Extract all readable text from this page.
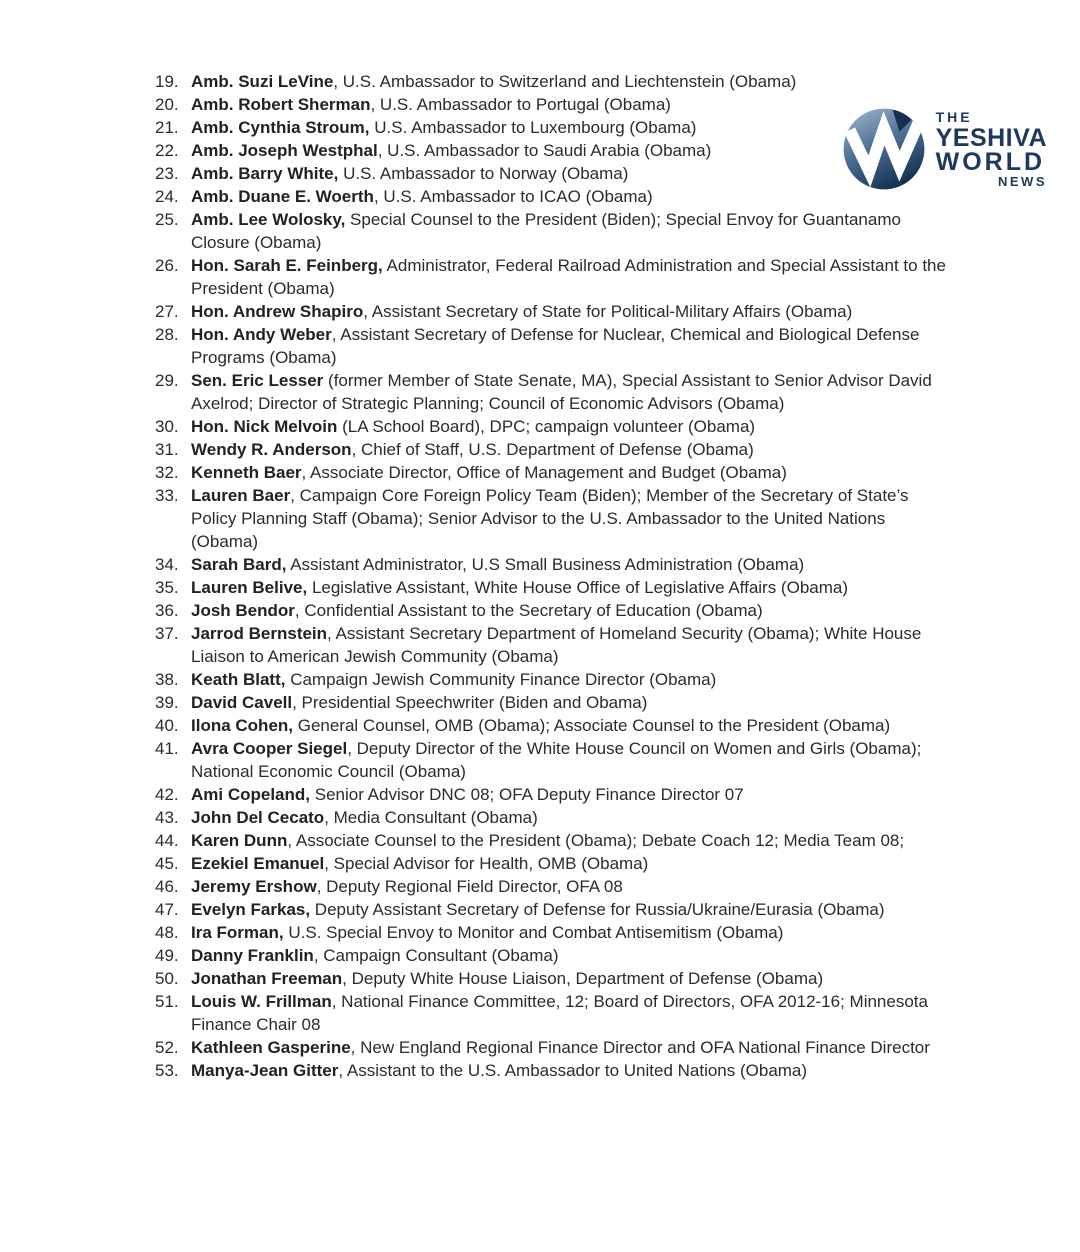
THE
YESHIVA
WORLD
NEWS
19. Amb. Suzi LeVine, U.S. Ambassador to Switzerland and Liechtenstein (Obama)
20. Amb. Robert Sherman, U.S. Ambassador to Portugal (Obama)
21. Amb. Cynthia Stroum, U.S. Ambassador to Luxembourg (Obama)
22. Amb. Joseph Westphal, U.S. Ambassador to Saudi Arabia (Obama)
23. Amb. Barry White, U.S. Ambassador to Norway (Obama)
24. Amb. Duane E. Woerth, U.S. Ambassador to ICAO (Obama)
25. Amb. Lee Wolosky, Special Counsel to the President (Biden); Special Envoy for Guantanamo Closure (Obama)
26. Hon. Sarah E. Feinberg, Administrator, Federal Railroad Administration and Special Assistant to the President (Obama)
27. Hon. Andrew Shapiro, Assistant Secretary of State for Political-Military Affairs (Obama)
28. Hon. Andy Weber, Assistant Secretary of Defense for Nuclear, Chemical and Biological Defense Programs (Obama)
29. Sen. Eric Lesser (former Member of State Senate, MA), Special Assistant to Senior Advisor David Axelrod; Director of Strategic Planning; Council of Economic Advisors (Obama)
30. Hon. Nick Melvoin (LA School Board), DPC; campaign volunteer (Obama)
31. Wendy R. Anderson, Chief of Staff, U.S. Department of Defense (Obama)
32. Kenneth Baer, Associate Director, Office of Management and Budget (Obama)
33. Lauren Baer, Campaign Core Foreign Policy Team (Biden); Member of the Secretary of State’s Policy Planning Staff (Obama); Senior Advisor to the U.S. Ambassador to the United Nations (Obama)
34. Sarah Bard, Assistant Administrator, U.S Small Business Administration (Obama)
35. Lauren Belive, Legislative Assistant, White House Office of Legislative Affairs (Obama)
36. Josh Bendor, Confidential Assistant to the Secretary of Education (Obama)
37. Jarrod Bernstein, Assistant Secretary Department of Homeland Security (Obama); White House Liaison to American Jewish Community (Obama)
38. Keath Blatt, Campaign Jewish Community Finance Director (Obama)
39. David Cavell, Presidential Speechwriter (Biden and Obama)
40. Ilona Cohen, General Counsel, OMB (Obama); Associate Counsel to the President (Obama)
41. Avra Cooper Siegel, Deputy Director of the White House Council on Women and Girls (Obama); National Economic Council (Obama)
42. Ami Copeland, Senior Advisor DNC 08; OFA Deputy Finance Director 07
43. John Del Cecato, Media Consultant (Obama)
44. Karen Dunn, Associate Counsel to the President (Obama); Debate Coach 12; Media Team 08;
45. Ezekiel Emanuel, Special Advisor for Health, OMB (Obama)
46. Jeremy Ershow, Deputy Regional Field Director, OFA 08
47. Evelyn Farkas, Deputy Assistant Secretary of Defense for Russia/Ukraine/Eurasia (Obama)
48. Ira Forman, U.S. Special Envoy to Monitor and Combat Antisemitism (Obama)
49. Danny Franklin, Campaign Consultant (Obama)
50. Jonathan Freeman, Deputy White House Liaison, Department of Defense (Obama)
51. Louis W. Frillman, National Finance Committee, 12; Board of Directors, OFA 2012-16; Minnesota Finance Chair 08
52. Kathleen Gasperine, New England Regional Finance Director and OFA National Finance Director
53. Manya-Jean Gitter, Assistant to the U.S. Ambassador to United Nations (Obama)
